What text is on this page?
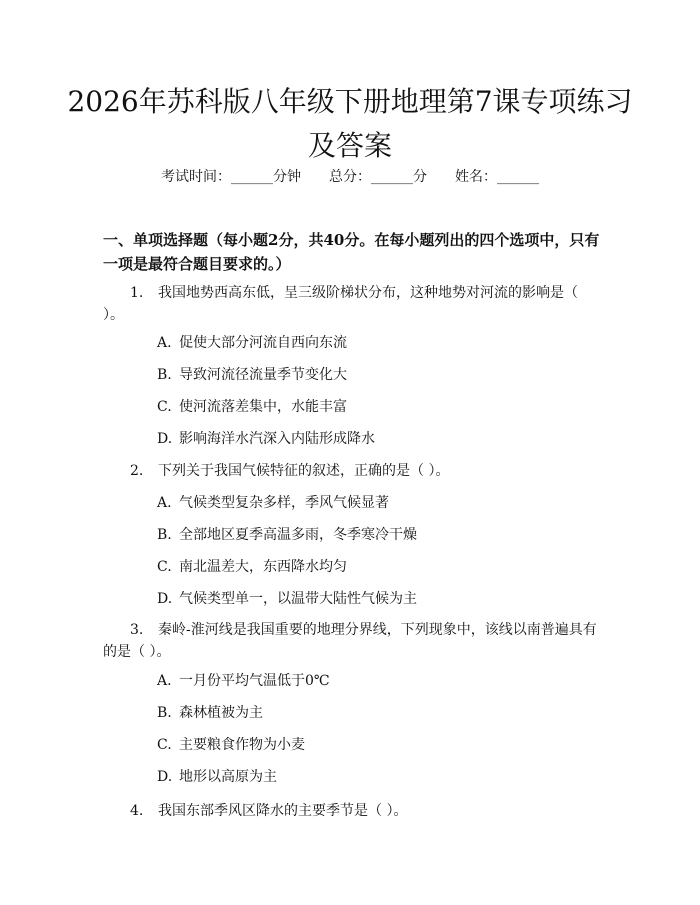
2026年苏科版八年级下册地理第7课专项练习及答案
考试时间：______分钟 总分：______分 姓名：______

一、单项选择题（每小题2分，共40分。在每小题列出的四个选项中，只有一项是最符合题目要求的。）

1. 我国地势西高东低，呈三级阶梯状分布，这种地势对河流的影响是（ ）。

A. 促使大部分河流自西向东流

B. 导致河流径流量季节变化大

C. 使河流落差集中，水能丰富

D. 影响海洋水汽深入内陆形成降水

2. 下列关于我国气候特征的叙述，正确的是（ ）。

A. 气候类型复杂多样，季风气候显著

B. 全部地区夏季高温多雨，冬季寒冷干燥

C. 南北温差大，东西降水均匀

D. 气候类型单一，以温带大陆性气候为主

3. 秦岭-淮河线是我国重要的地理分界线，下列现象中，该线以南普遍具有的是（ ）。

A. 一月份平均气温低于0℃

B. 森林植被为主

C. 主要粮食作物为小麦

D. 地形以高原为主

4. 我国东部季风区降水的主要季节是（ ）。
